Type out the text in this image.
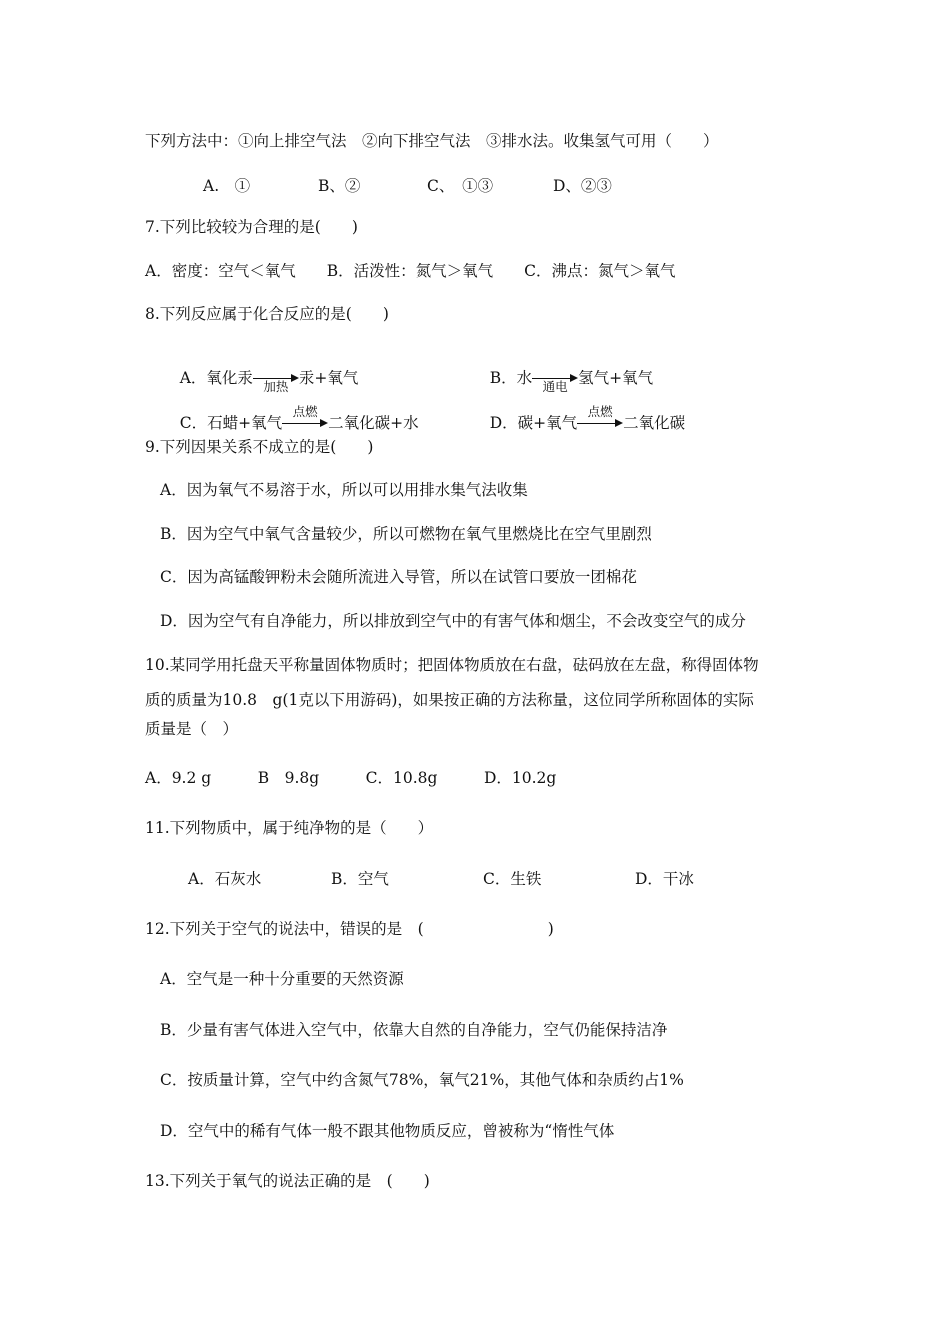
下列方法中：①向上排空气法　②向下排空气法　③排水法。收集氢气可用（　　）
A.　①	B、②	C、　①③	D、②③
7.下列比较较为合理的是(　　)
A．密度：空气＜氧气　　B．活泼性：氮气＞氧气　　C．沸点：氮气＞氧气
8.下列反应属于化合反应的是(　　)

A．氧化汞 加热 汞+氧气
	B．水 通电 氢气+氧气

C．石蜡+氧气
点燃
二氧化碳+水
	D．碳+氧气
点燃
二氧化碳

9.下列因果关系不成立的是(　　)
A．因为氧气不易溶于水，所以可以用排水集气法收集
B．因为空气中氧气含量较少，所以可燃物在氧气里燃烧比在空气里剧烈
C．因为高锰酸钾粉未会随所流进入导管，所以在试管口要放一团棉花
D．因为空气有自净能力，所以排放到空气中的有害气体和烟尘，不会改变空气的成分
10.某同学用托盘天平称量固体物质时；把固体物质放在右盘，砝码放在左盘，称得固体物
质的质量为10.8　g(1克以下用游码)，如果按正确的方法称量，这位同学所称固体的实际
质量是（　）
A．9.2 g　　　B　9.8g　　　C．10.8g　　　D．10.2g
11.下列物质中，属于纯净物的是（　　）
A．石灰水	B．空气	C．生铁	D．干冰
12.下列关于空气的说法中，错误的是　(　　　　　　　　)
A．空气是一种十分重要的天然资源
B．少量有害气体进入空气中，依靠大自然的自净能力，空气仍能保持洁净
C．按质量计算，空气中约含氮气78%，氧气21%，其他气体和杂质约占1%
D．空气中的稀有气体一般不跟其他物质反应，曾被称为“惰性气体
13.下列关于氧气的说法正确的是　(　　)
